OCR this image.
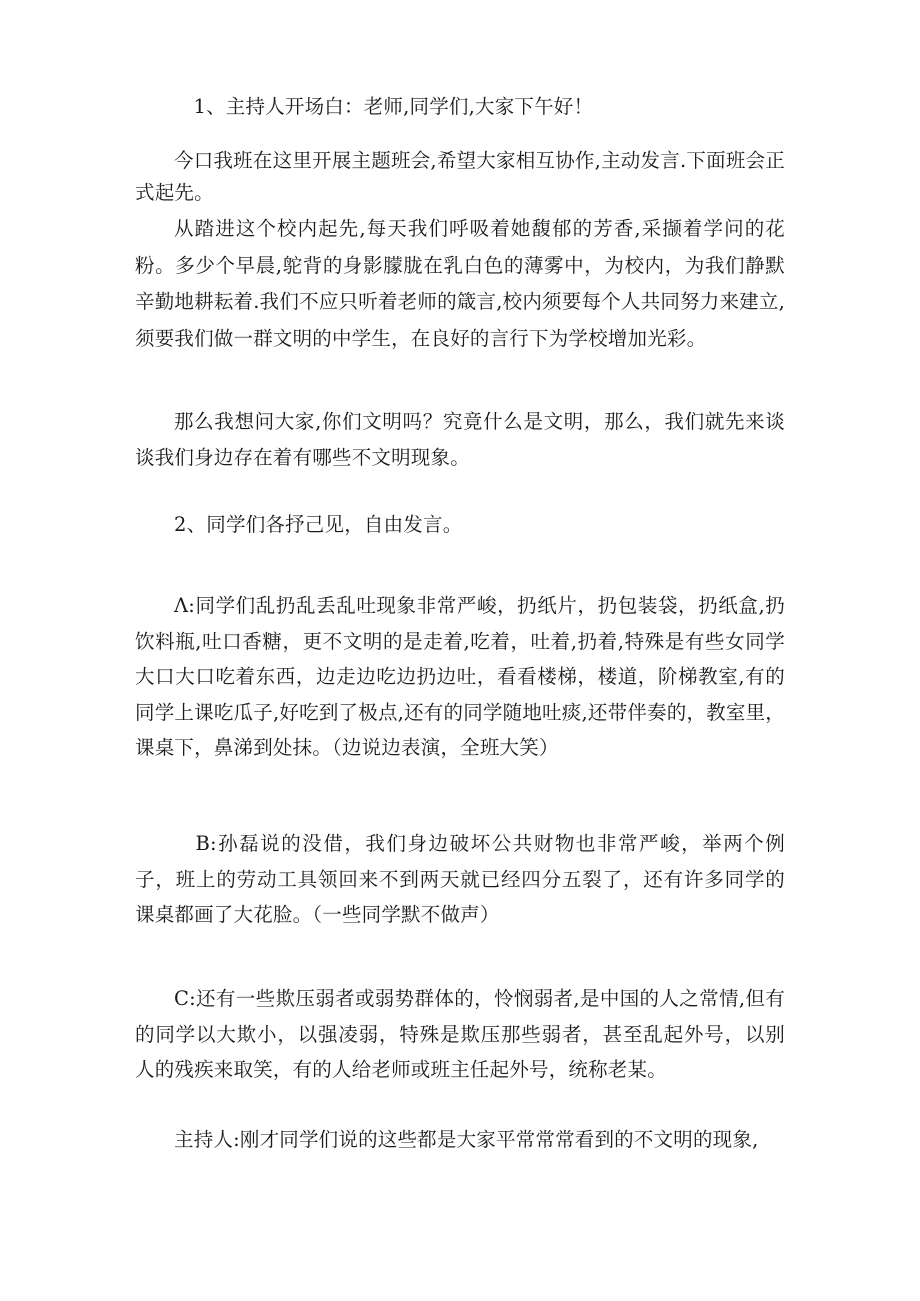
1、主持人开场白：老师,同学们,大家下午好！

今口我班在这里开展主题班会,希望大家相互协作,主动发言.下面班会正式起先。

从踏进这个校内起先,每天我们呼吸着她馥郁的芳香,采撷着学问的花粉。多少个早晨,鸵背的身影朦胧在乳白色的薄雾中，为校内，为我们静默辛勤地耕耘着.我们不应只听着老师的箴言,校内须要每个人共同努力来建立,须要我们做一群文明的中学生，在良好的言行下为学校增加光彩。

那么我想问大家,你们文明吗？究竟什么是文明，那么，我们就先来谈谈我们身边存在着有哪些不文明现象。

2、同学们各抒己见，自由发言。

Λ:同学们乱扔乱丢乱吐现象非常严峻，扔纸片，扔包装袋，扔纸盒,扔饮料瓶,吐口香糖，更不文明的是走着,吃着，吐着,扔着,特殊是有些女同学大口大口吃着东西，边走边吃边扔边吐，看看楼梯，楼道，阶梯教室,有的同学上课吃瓜子,好吃到了极点,还有的同学随地吐痰,还带伴奏的，教室里，课桌下，鼻涕到处抹。（边说边表演，全班大笑）

B:孙磊说的没借，我们身边破坏公共财物也非常严峻，举两个例子，班上的劳动工具领回来不到两天就已经四分五裂了，还有许多同学的课桌都画了大花脸。（一些同学默不做声）

C:还有一些欺压弱者或弱势群体的，怜悯弱者,是中国的人之常情,但有的同学以大欺小，以强凌弱，特殊是欺压那些弱者，甚至乱起外号，以别人的残疾来取笑，有的人给老师或班主任起外号，统称老某。

主持人:刚才同学们说的这些都是大家平常常常看到的不文明的现象,
